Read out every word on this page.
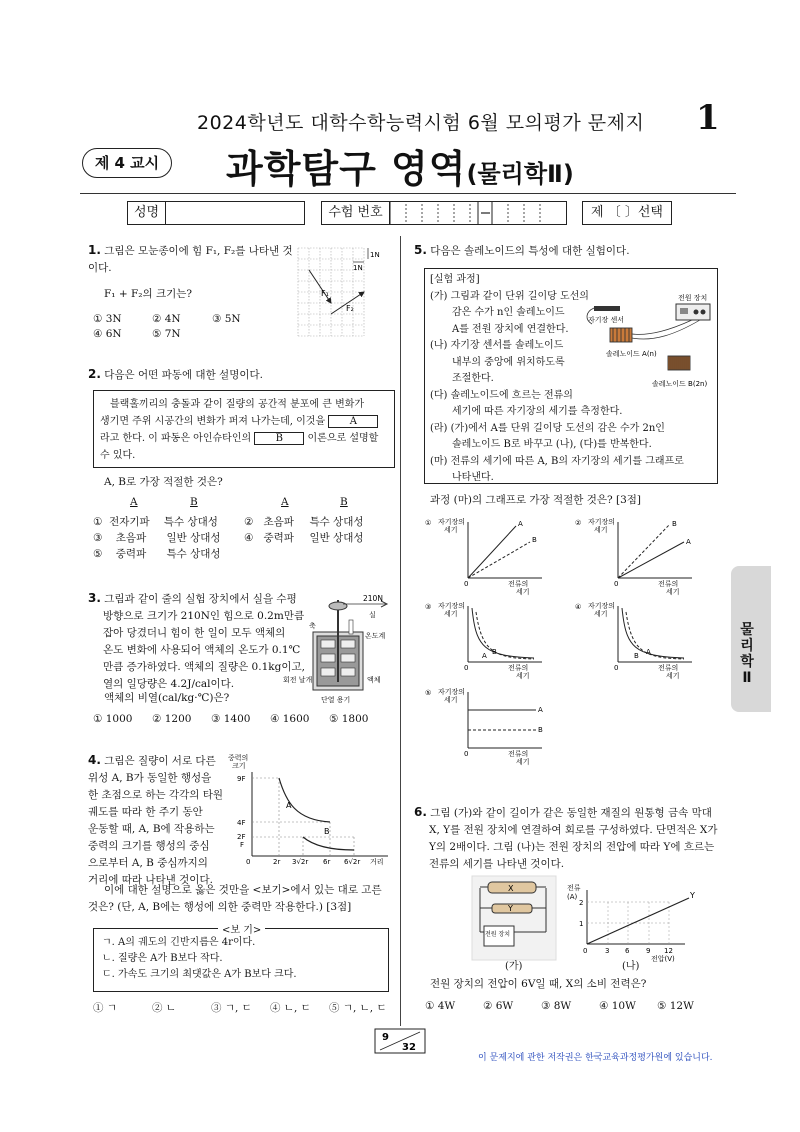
2024학년도 대학수학능력시험 6월 모의평가 문제지 1
제 4 교시	과학탐구 영역(물리학Ⅱ)
성명	수험 번호	제 〔 〕선택
물리학Ⅱ
1. 그림은 모눈종이에 힘 F₁, F₂를 나타낸 것이다.
F₁ + F₂의 크기는?
① 3N	② 4N	③ 5N
④ 6N	⑤ 7N
1N
1N
F₁
F₂
2. 다음은 어떤 파동에 대한 설명이다.
블랙홀끼리의 충돌과 같이 질량의 공간적 분포에 큰 변화가
생기면 주위 시공간의 변화가 퍼져 나가는데, 이것을 A
라고 한다. 이 파동은 아인슈타인의 B 이론으로 설명할
수 있다.
A, B로 가장 적절한 것은?
A	B	A	B
① 전자기파 특수 상대성 ② 초음파 특수 상대성
③ 초음파 일반 상대성 ④ 중력파 일반 상대성
⑤ 중력파 특수 상대성
3. 그림과 같이 줄의 실험 장치에서 실을 수평
방향으로 크기가 210N인 힘으로 0.2m만큼
잡아 당겼더니 힘이 한 일이 모두 액체의
온도 변화에 사용되어 액체의 온도가 0.1℃
만큼 증가하였다. 액체의 질량은 0.1kg이고,
열의 일당량은 4.2J/cal이다.
액체의 비열(cal/kg·℃)은?
① 1000 ② 1200 ③ 1400 ④ 1600 ⑤ 1800
210N
축
실
온도계
회전 날개	액체
단열 용기
4. 그림은 질량이 서로 다른
위성 A, B가 동일한 행성을
한 초점으로 하는 각각의 타원
궤도를 따라 한 주기 동안
운동할 때, A, B에 작용하는
중력의 크기를 행성의 중심
으로부터 A, B 중심까지의
거리에 따라 나타낸 것이다.
중력의
크기
9F
4F
2F
F
0	2r 3√2r 6r 6√2r 거리
A
B
이에 대한 설명으로 옳은 것만을 <보기>에서 있는 대로 고른
것은? (단, A, B에는 행성에 의한 중력만 작용한다.) [3점]
ㄱ. A의 궤도의 긴반지름은 4r이다.
ㄴ. 질량은 A가 B보다 작다.
ㄷ. 가속도 크기의 최댓값은 A가 B보다 크다.
<보 기>
① ㄱ	② ㄴ	③ ㄱ, ㄷ ④ ㄴ, ㄷ ⑤ ㄱ, ㄴ, ㄷ
5. 다음은 솔레노이드의 특성에 대한 실험이다.
[실험 과정]
(가) 그림과 같이 단위 길이당 도선의
감은 수가 n인 솔레노이드
A를 전원 장치에 연결한다.
(나) 자기장 센서를 솔레노이드
내부의 중앙에 위치하도록
조절한다.
(다) 솔레노이드에 흐르는 전류의
세기에 따른 자기장의 세기를 측정한다.
(라) (가)에서 A를 단위 길이당 도선의 감은 수가 2n인
솔레노이드 B로 바꾸고 (나), (다)를 반복한다.
(마) 전류의 세기에 따른 A, B의 자기장의 세기를 그래프로
나타낸다.
전원 장치
자기장 센서
솔레노이드 A(n)
솔레노이드 B(2n)
과정 (마)의 그래프로 가장 적절한 것은? [3점]
① 자기장의
세기
0	전류의
세기
A
B
② 자기장의
세기
0	전류의
세기
B
A
③ 자기장의
세기
0	전류의
세기
A B
④ 자기장의
세기
0	전류의
세기
B A
⑤ 자기장의
세기
0	전류의
세기
A
B
6. 그림 (가)와 같이 길이가 같은 동일한 재질의 원통형 금속 막대
X, Y를 전원 장치에 연결하여 회로를 구성하였다. 단면적은 X가
Y의 2배이다. 그림 (나)는 전원 장치의 전압에 따라 Y에 흐르는
전류의 세기를 나타낸 것이다.
X
Y
전원 장치
(가)
전류
(A)
2
1
0	3 6 9 12
전압(V)
Y
(나)
전원 장치의 전압이 6V일 때, X의 소비 전력은?
① 4W	② 6W	③ 8W	④ 10W ⑤ 12W
9
32
이 문제지에 관한 저작권은 한국교육과정평가원에 있습니다.
